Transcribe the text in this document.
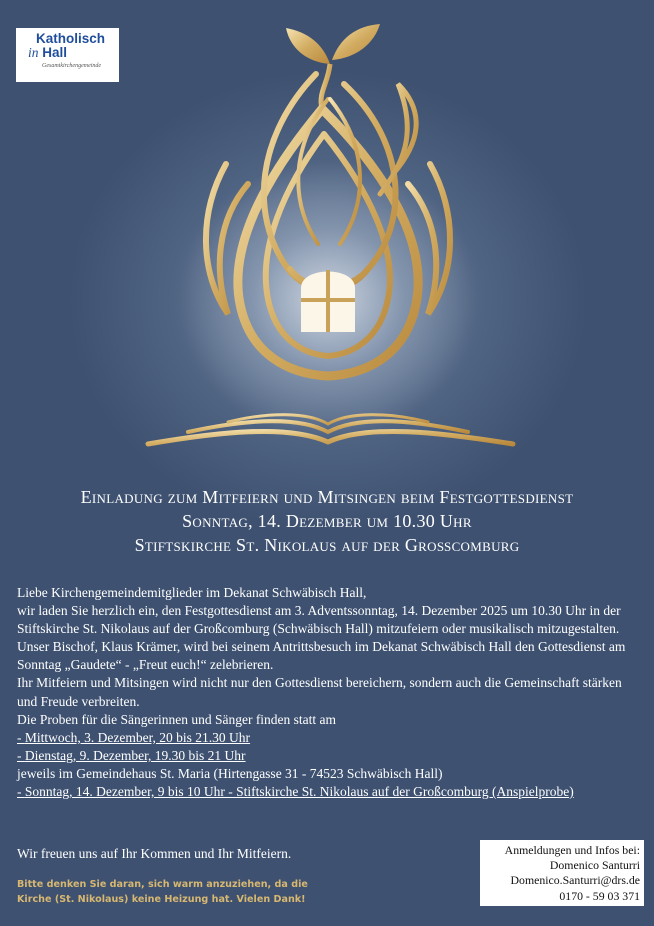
Katholisch
in Hall
Gesamtkirchengemeinde
Einladung zum Mitfeiern und Mitsingen beim Festgottesdienst
Sonntag, 14. Dezember um 10.30 Uhr
Stiftskirche St. Nikolaus auf der Großcomburg

Liebe Kirchengemeindemitglieder im Dekanat Schwäbisch Hall,

wir laden Sie herzlich ein, den Festgottesdienst am 3. Adventssonntag, 14. Dezember 2025 um 10.30 Uhr in der Stiftskirche St. Nikolaus auf der Großcomburg (Schwäbisch Hall) mitzufeiern oder musikalisch mitzugestalten.

Unser Bischof, Klaus Krämer, wird bei seinem Antrittsbesuch im Dekanat Schwäbisch Hall den Gottesdienst am Sonntag „Gaudete“ - „Freut euch!“ zelebrieren.

Ihr Mitfeiern und Mitsingen wird nicht nur den Gottesdienst bereichern, sondern auch die Gemeinschaft stärken und Freude verbreiten.

Die Proben für die Sängerinnen und Sänger finden statt am

- Mittwoch, 3. Dezember, 20 bis 21.30 Uhr

- Dienstag, 9. Dezember, 19.30 bis 21 Uhr

jeweils im Gemeindehaus St. Maria (Hirtengasse 31 - 74523 Schwäbisch Hall)

- Sonntag, 14. Dezember, 9 bis 10 Uhr - Stiftskirche St. Nikolaus auf der Großcomburg (Anspielprobe)

Wir freuen uns auf Ihr Kommen und Ihr Mitfeiern.
Bitte denken Sie daran, sich warm anzuziehen, da die
Kirche (St. Nikolaus) keine Heizung hat. Vielen Dank!
Anmeldungen und Infos bei:
Domenico Santurri
Domenico.Santurri@drs.de
0170 - 59 03 371
